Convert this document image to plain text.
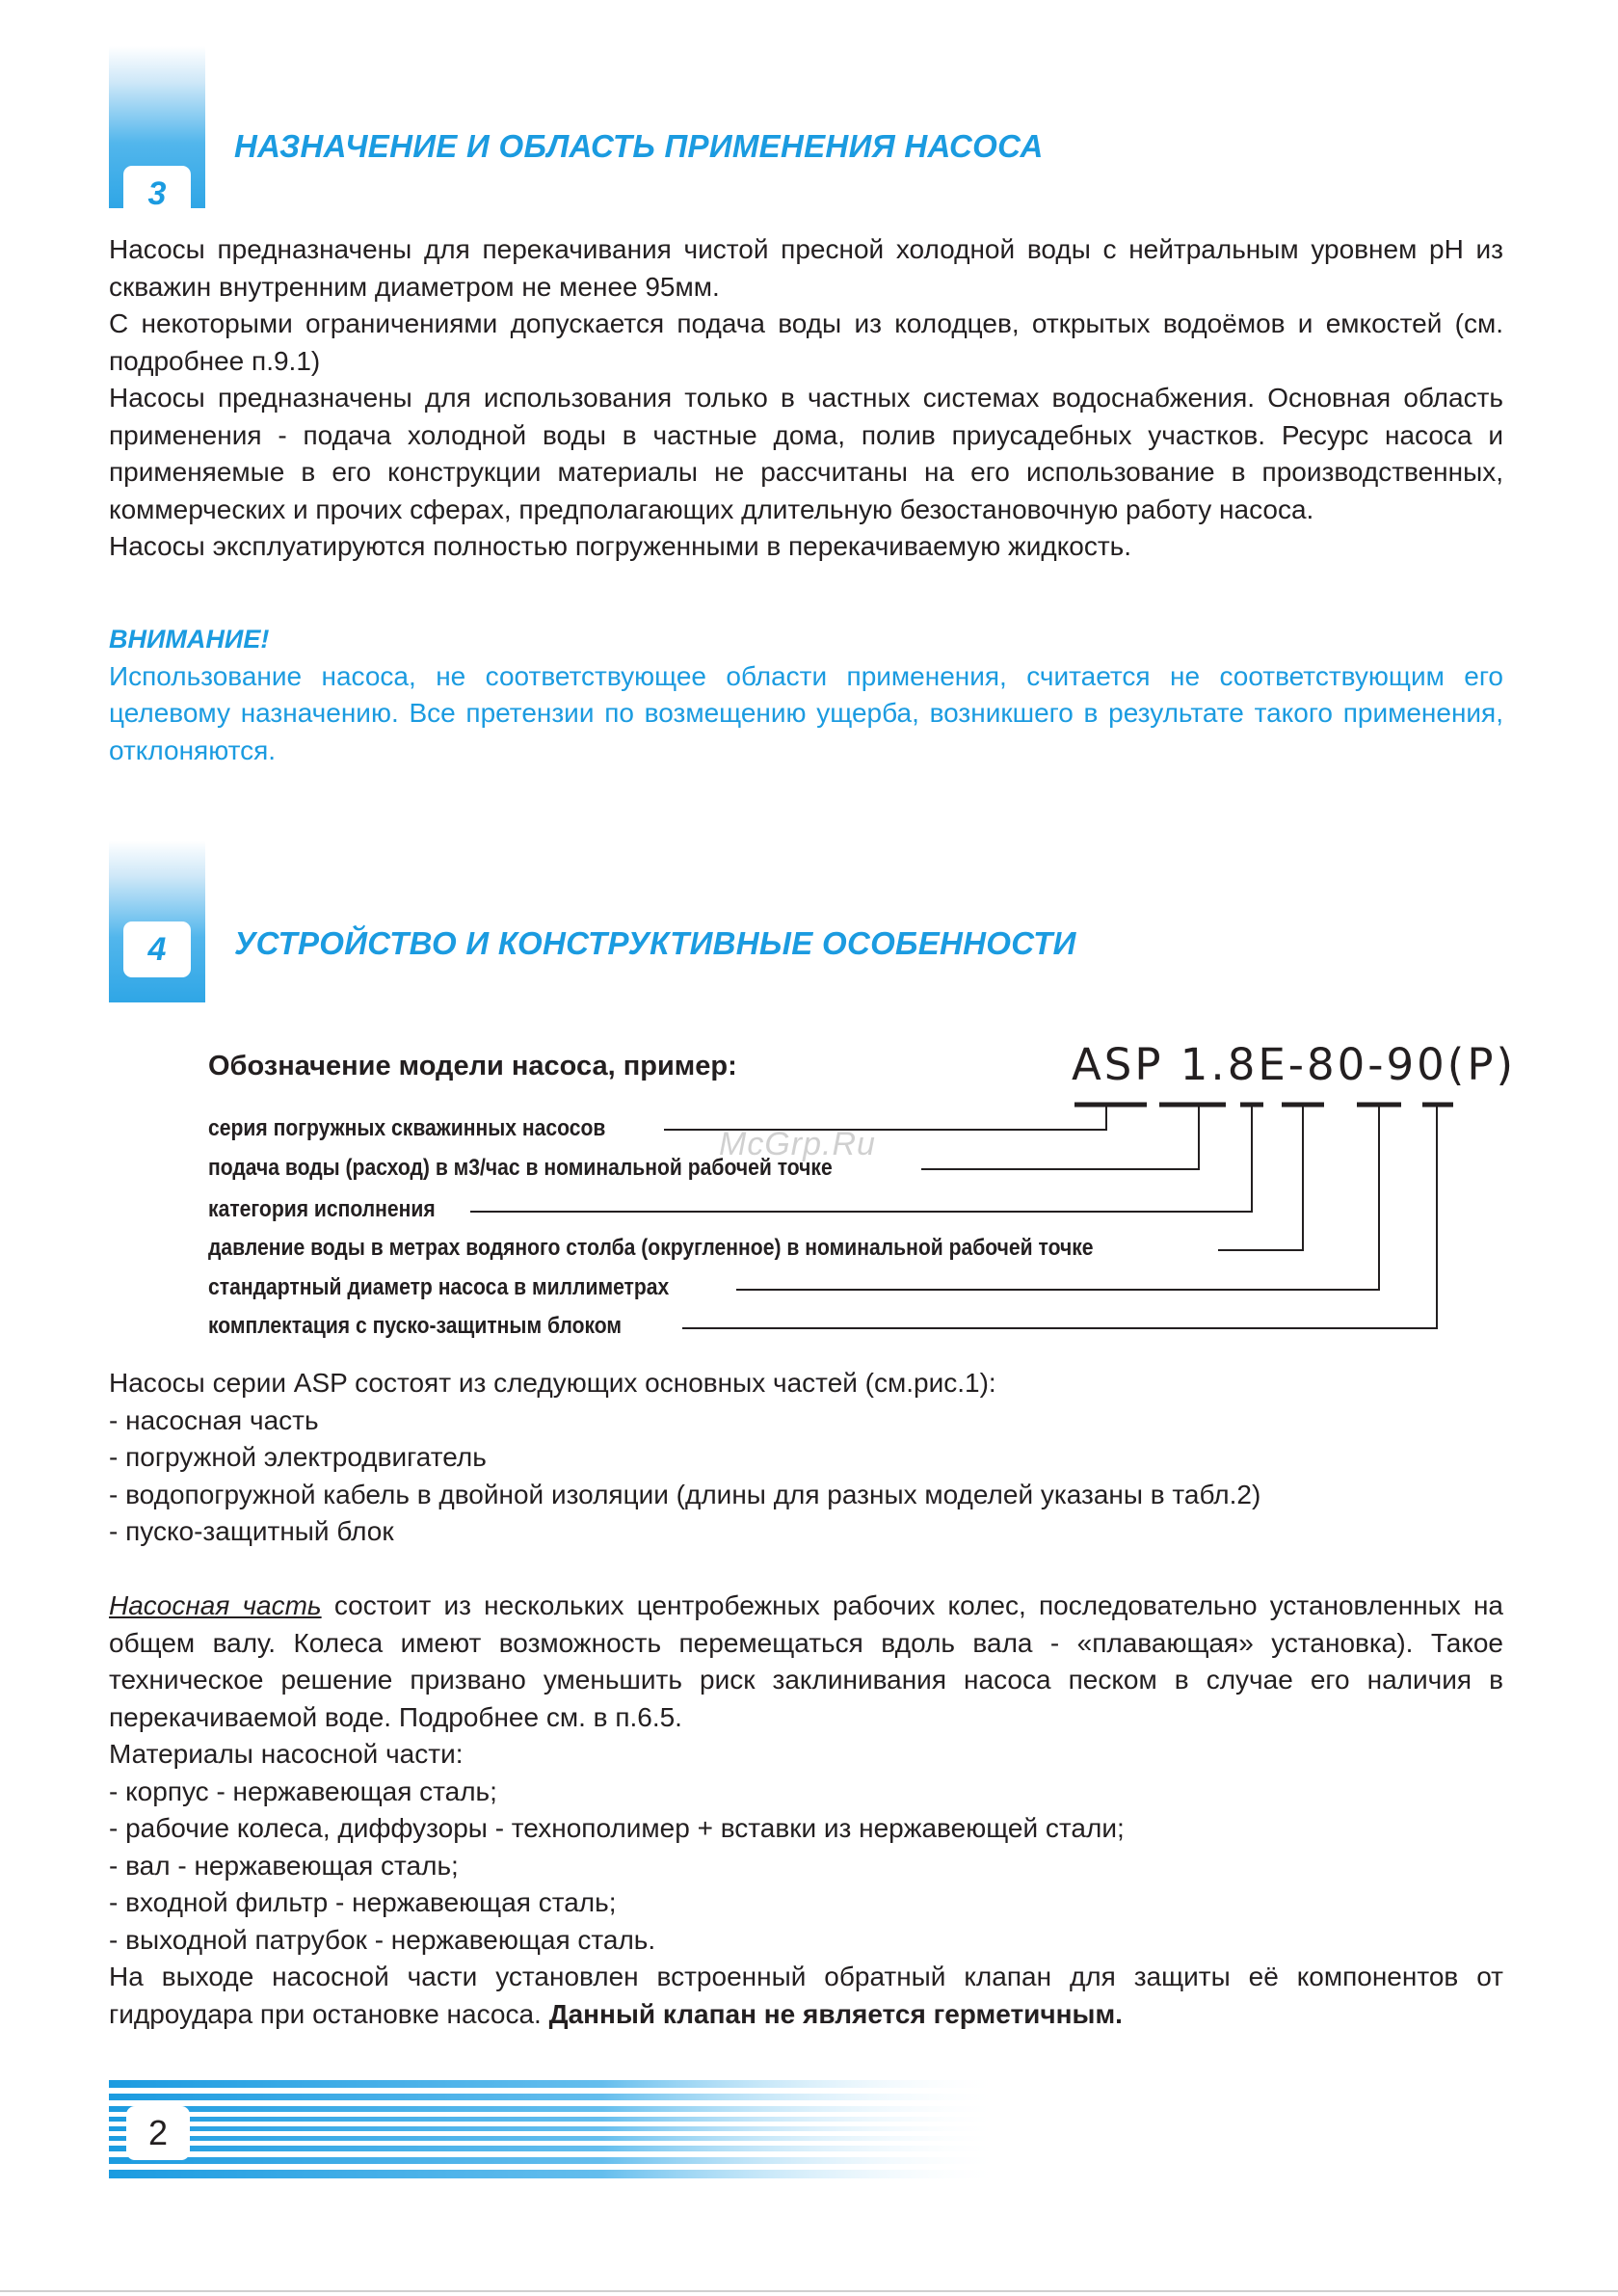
3
НАЗНАЧЕНИЕ И ОБЛАСТЬ ПРИМЕНЕНИЯ НАСОСА

Насосы предназначены для перекачивания чистой пресной холодной воды с нейтральным уровнем рН из скважин внутренним диаметром не менее 95мм.

С некоторыми ограничениями допускается подача воды из колодцев, открытых водоёмов и емкостей (см. подробнее п.9.1)

Насосы предназначены для использования только в частных системах водоснабжения. Основная область применения - подача холодной воды в частные дома, полив приусадебных участков. Ресурс насоса и применяемые в его конструкции материалы не рассчитаны на его использование в производственных, коммерческих и прочих сферах, предполагающих длительную безостановочную работу насоса.

Насосы эксплуатируются полностью погруженными в перекачиваемую жидкость.

ВНИМАНИЕ!

Использование насоса, не соответствующее области применения, считается не соответствующим его целевому назначению. Все претензии по возмещению ущерба, возникшего в результате такого применения, отклоняются.

4	УСТРОЙСТВО И КОНСТРУКТИВНЫЕ ОСОБЕННОСТИ
Обозначение модели насоса, пример:	ASP 1.8E-80-90(P)
серия погружных скважинных насосов
подача воды (расход) в м3/час в номинальной рабочей точке
категория исполнения
давление воды в метрах водяного столба (округленное) в номинальной рабочей точке
стандартный диаметр насоса в миллиметрах
комплектация с пуско-защитным блоком
McGrp.Ru

Насосы серии ASP состоят из следующих основных частей (см.рис.1):

- насосная часть

- погружной электродвигатель

- водопогружной кабель в двойной изоляции (длины для разных моделей указаны в табл.2)

- пуско-защитный блок

Насосная часть состоит из нескольких центробежных рабочих колес, последовательно установленных на общем валу. Колеса имеют возможность перемещаться вдоль вала - «плавающая» установка). Такое техническое решение призвано уменьшить риск заклинивания насоса песком в случае его наличия в перекачиваемой воде. Подробнее см. в п.6.5.

Материалы насосной части:

- корпус - нержавеющая сталь;

- рабочие колеса, диффузоры - технополимер + вставки из нержавеющей стали;

- вал - нержавеющая сталь;

- входной фильтр - нержавеющая сталь;

- выходной патрубок - нержавеющая сталь.

На выходе насосной части установлен встроенный обратный клапан для защиты её компонентов от гидроудара при остановке насоса. Данный клапан не является герметичным.

2
